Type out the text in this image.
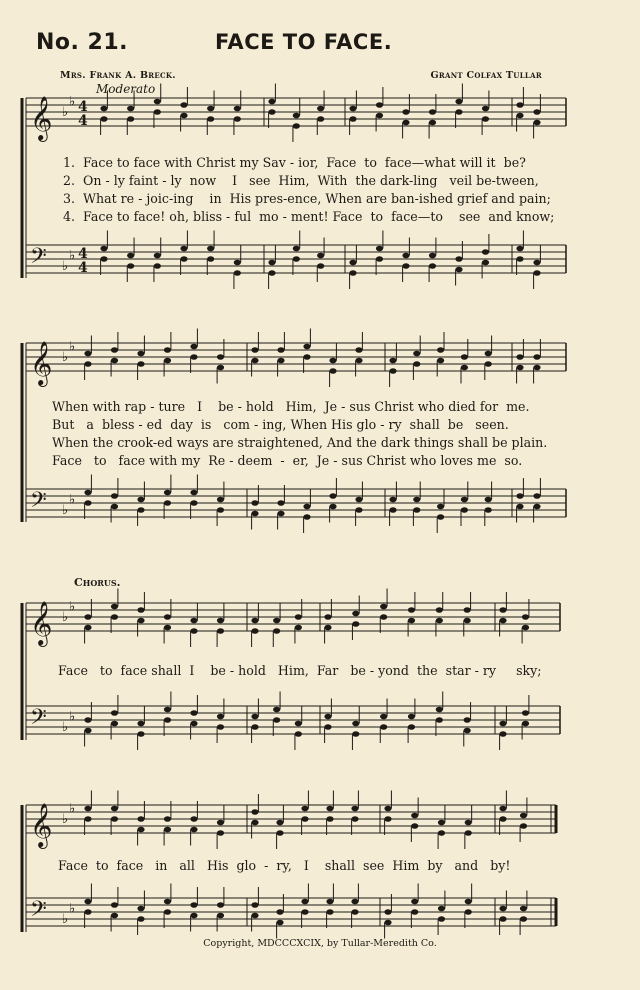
No. 21.	FACE TO FACE.
Mrs. Frank A. Breck.	Grant Colfax Tullar
Moderato
𝄞 ♭
♭ 4
4
𝄢 ♭
♭ 4
4
1.  Face to face with Christ my Sav - ior,  Face  to  face—what will it  be?
2.  On - ly faint - ly  now    I   see  Him,  With  the dark-ling   veil be-tween,
3.  What re - joic-ing    in  His pres-ence, When are ban-ished grief and pain;
4.  Face to face! oh, bliss - ful  mo - ment! Face  to  face—to    see  and know;
𝄞 ♭
♭
𝄢 ♭
♭
When with rap - ture   I    be - hold   Him,  Je - sus Christ who died for  me.
But   a  bless - ed  day  is   com - ing, When His glo - ry  shall  be   seen.
When the crook-ed ways are straightened, And the dark things shall be plain.
Face   to   face with my  Re - deem  -  er,  Je - sus Christ who loves me  so.
Chorus.
𝄞 ♭
♭
𝄢 ♭
♭
Face   to  face shall  I    be - hold   Him,  Far   be - yond  the  star - ry     sky;
𝄞 ♭
♭
𝄢 ♭
♭
Face  to  face   in   all   His  glo  -  ry,   I    shall  see  Him  by   and   by!
Copyright, MDCCCXCIX, by Tullar-Meredith Co.
